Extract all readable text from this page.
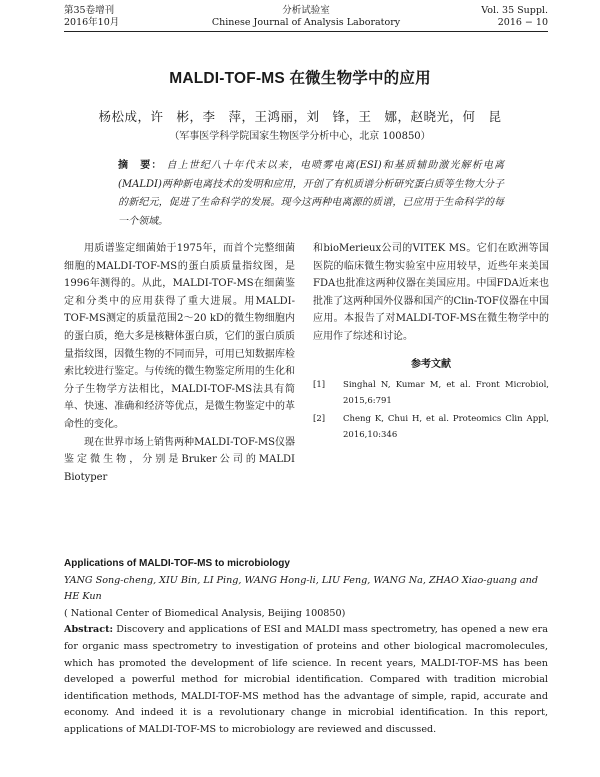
第35卷增刊	分析试验室	Vol. 35 Suppl.
2016年10月	Chinese Journal of Analysis Laboratory	2016 − 10
MALDI-TOF-MS 在微生物学中的应用
杨松成，许　彬，李　萍，王鸿丽，刘　锋，王　娜，赵晓光，何　昆
（军事医学科学院国家生物医学分析中心，北京 100850）
摘　要： 自上世纪八十年代末以来，电喷雾电离(ESI)和基质辅助激光解析电离(MALDI)两种新电离技术的发明和应用，开创了有机质谱分析研究蛋白质等生物大分子的新纪元，促进了生命科学的发展。现今这两种电离源的质谱，已应用于生命科学的每一个领域。

用质谱鉴定细菌始于1975年，而首个完整细菌细胞的MALDI-TOF-MS的蛋白质质量指纹图，是1996年测得的。从此，MALDI-TOF-MS在细菌鉴定和分类中的应用获得了重大进展。用MALDI-TOF-MS测定的质量范围2～20 kD的微生物细胞内的蛋白质，绝大多是核糖体蛋白质，它们的蛋白质质量指纹图，因微生物的不同而异，可用已知数据库检索比较进行鉴定。与传统的微生物鉴定所用的生化和分子生物学方法相比，MALDI-TOF-MS法具有简单、快速、准确和经济等优点，是微生物鉴定中的革命性的变化。

现在世界市场上销售两种MALDI-TOF-MS仪器鉴定微生物，分别是Bruker公司的MALDI Biotyper

和bioMerieux公司的VITEK MS。它们在欧洲等国医院的临床微生物实验室中应用较早，近些年来美国FDA也批准这两种仪器在美国应用。中国FDA近来也批准了这两种国外仪器和国产的Clin-TOF仪器在中国应用。本报告了对MALDI-TOF-MS在微生物学中的应用作了综述和讨论。

参考文献
[1] Singhal N, Kumar M, et al. Front Microbiol, 2015,6:791
[2] Cheng K, Chui H, et al. Proteomics Clin Appl, 2016,10:346
Applications of MALDI-TOF-MS to microbiology
YANG Song-cheng, XIU Bin, LI Ping, WANG Hong-li, LIU Feng, WANG Na, ZHAO Xiao-guang and HE Kun
( National Center of Biomedical Analysis, Beijing 100850)
Abstract: Discovery and applications of ESI and MALDI mass spectrometry, has opened a new era for organic mass spectrometry to investigation of proteins and other biological macromolecules, which has promoted the development of life science. In recent years, MALDI-TOF-MS has been developed a powerful method for microbial identification. Compared with tradition microbial identification methods, MALDI-TOF-MS method has the advantage of simple, rapid, accurate and economy. And indeed it is a revolutionary change in microbial identification. In this report, applications of MALDI-TOF-MS to microbiology are reviewed and discussed.
